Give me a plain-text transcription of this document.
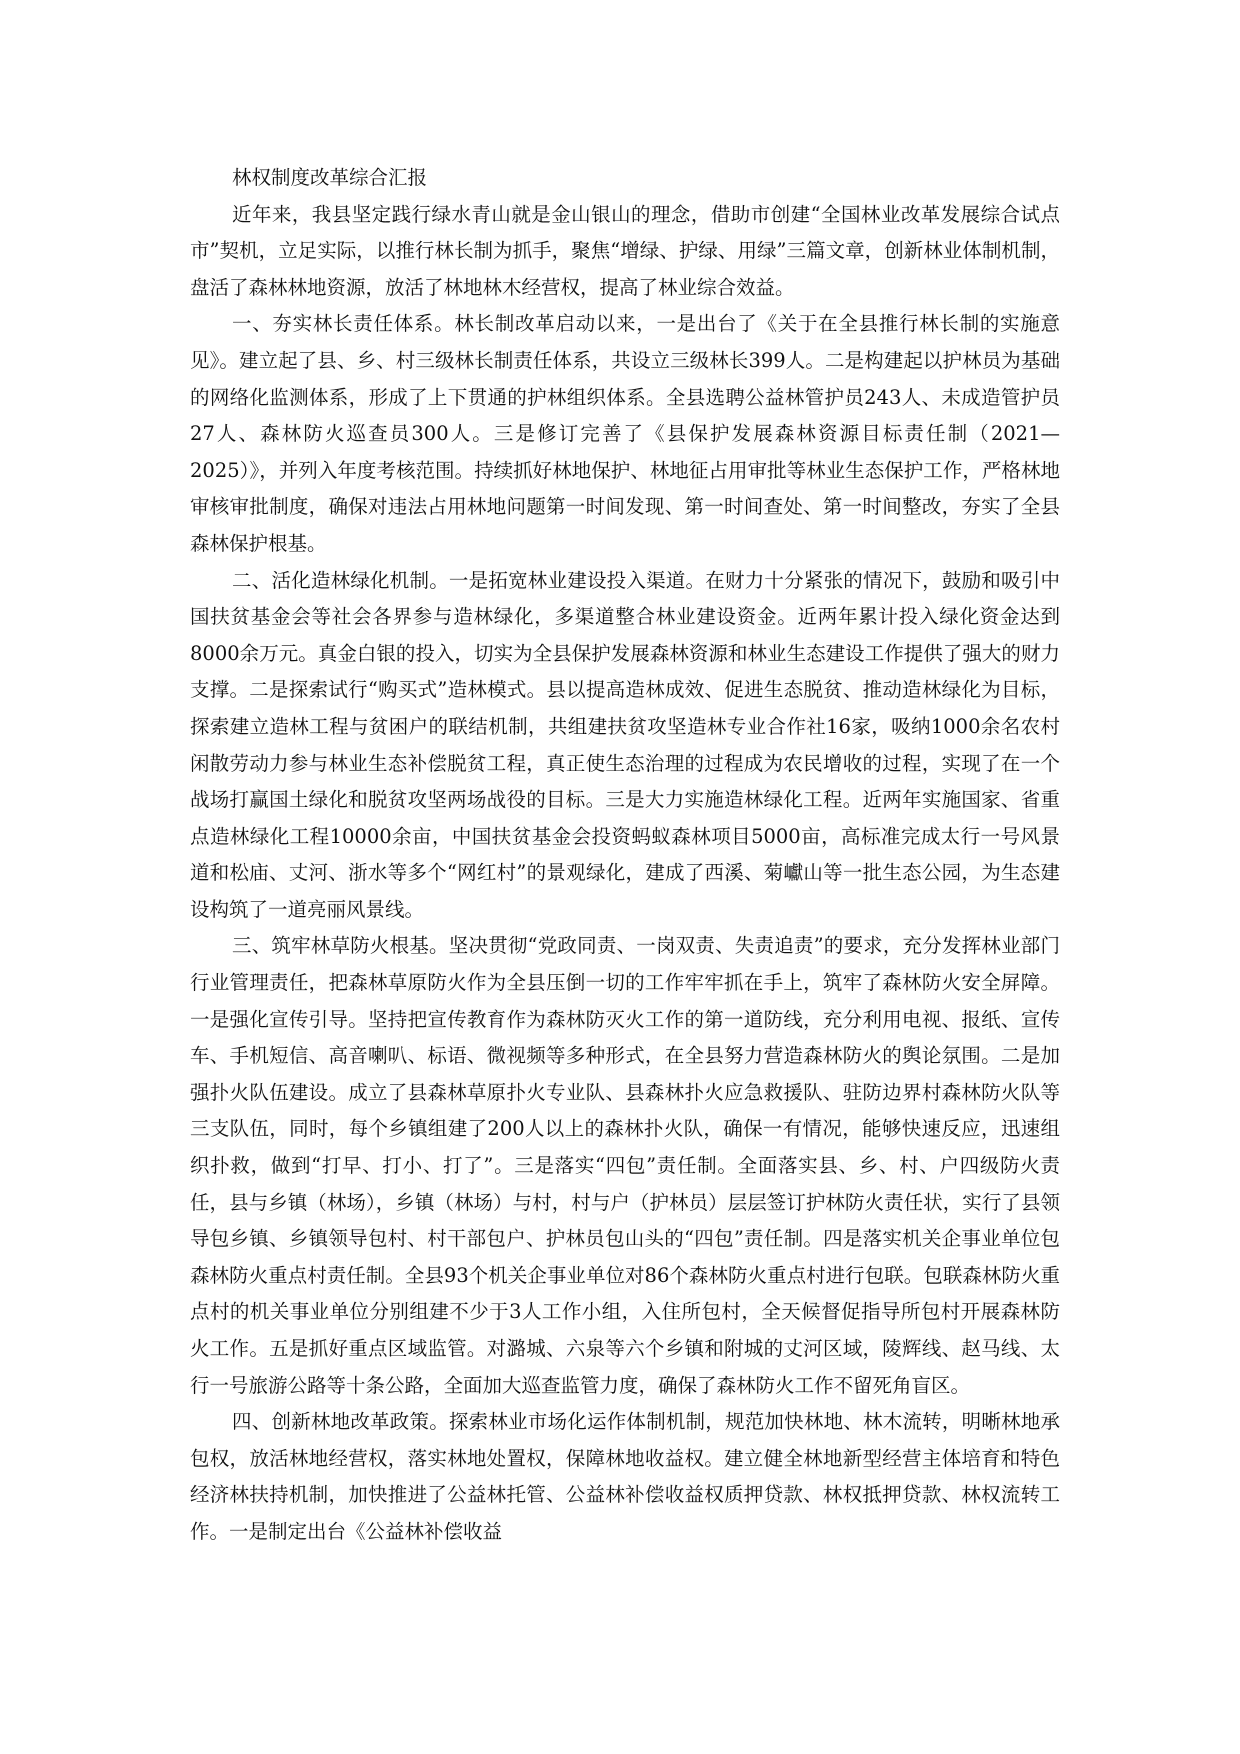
林权制度改革综合汇报

近年来，我县坚定践行绿水青山就是金山银山的理念，借助市创建“全国林业改革发展综合试点市”契机，立足实际，以推行林长制为抓手，聚焦“增绿、护绿、用绿”三篇文章，创新林业体制机制，盘活了森林林地资源，放活了林地林木经营权，提高了林业综合效益。

一、夯实林长责任体系。林长制改革启动以来，一是出台了《关于在全县推行林长制的实施意见》。建立起了县、乡、村三级林长制责任体系，共设立三级林长399人。二是构建起以护林员为基础的网络化监测体系，形成了上下贯通的护林组织体系。全县选聘公益林管护员243人、未成造管护员27人、森林防火巡查员300人。三是修订完善了《县保护发展森林资源目标责任制（2021—2025）》，并列入年度考核范围。持续抓好林地保护、林地征占用审批等林业生态保护工作，严格林地审核审批制度，确保对违法占用林地问题第一时间发现、第一时间查处、第一时间整改，夯实了全县森林保护根基。

二、活化造林绿化机制。一是拓宽林业建设投入渠道。在财力十分紧张的情况下，鼓励和吸引中国扶贫基金会等社会各界参与造林绿化，多渠道整合林业建设资金。近两年累计投入绿化资金达到8000余万元。真金白银的投入，切实为全县保护发展森林资源和林业生态建设工作提供了强大的财力支撑。二是探索试行“购买式”造林模式。县以提高造林成效、促进生态脱贫、推动造林绿化为目标，探索建立造林工程与贫困户的联结机制，共组建扶贫攻坚造林专业合作社16家，吸纳1000余名农村闲散劳动力参与林业生态补偿脱贫工程，真正使生态治理的过程成为农民增收的过程，实现了在一个战场打赢国土绿化和脱贫攻坚两场战役的目标。三是大力实施造林绿化工程。近两年实施国家、省重点造林绿化工程10000余亩，中国扶贫基金会投资蚂蚁森林项目5000亩，高标准完成太行一号风景道和松庙、丈河、浙水等多个“网红村”的景观绿化，建成了西溪、菊巘山等一批生态公园，为生态建设构筑了一道亮丽风景线。

三、筑牢林草防火根基。坚决贯彻“党政同责、一岗双责、失责追责”的要求，充分发挥林业部门行业管理责任，把森林草原防火作为全县压倒一切的工作牢牢抓在手上，筑牢了森林防火安全屏障。一是强化宣传引导。坚持把宣传教育作为森林防灭火工作的第一道防线，充分利用电视、报纸、宣传车、手机短信、高音喇叭、标语、微视频等多种形式，在全县努力营造森林防火的舆论氛围。二是加强扑火队伍建设。成立了县森林草原扑火专业队、县森林扑火应急救援队、驻防边界村森林防火队等三支队伍，同时，每个乡镇组建了200人以上的森林扑火队，确保一有情况，能够快速反应，迅速组织扑救，做到“打早、打小、打了”。三是落实“四包”责任制。全面落实县、乡、村、户四级防火责任，县与乡镇（林场），乡镇（林场）与村，村与户（护林员）层层签订护林防火责任状，实行了县领导包乡镇、乡镇领导包村、村干部包户、护林员包山头的“四包”责任制。四是落实机关企事业单位包森林防火重点村责任制。全县93个机关企事业单位对86个森林防火重点村进行包联。包联森林防火重点村的机关事业单位分别组建不少于3人工作小组，入住所包村，全天候督促指导所包村开展森林防火工作。五是抓好重点区域监管。对潞城、六泉等六个乡镇和附城的丈河区域，陵辉线、赵马线、太行一号旅游公路等十条公路，全面加大巡查监管力度，确保了森林防火工作不留死角盲区。

四、创新林地改革政策。探索林业市场化运作体制机制，规范加快林地、林木流转，明晰林地承包权，放活林地经营权，落实林地处置权，保障林地收益权。建立健全林地新型经营主体培育和特色经济林扶持机制，加快推进了公益林托管、公益林补偿收益权质押贷款、林权抵押贷款、林权流转工作。一是制定出台《公益林补偿收益
